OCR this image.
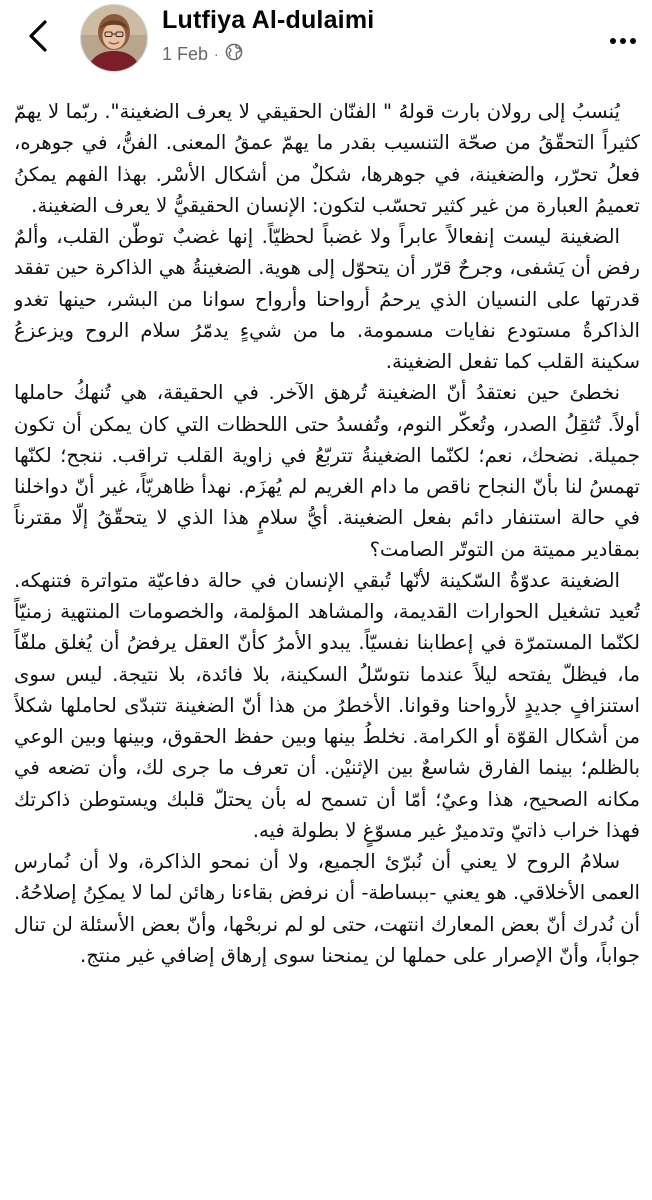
Lutfiya Al-dulaimi
1 Feb ·

يُنسبُ إلى رولان بارت قولهُ " الفنّان الحقيقي لا يعرف الضغينة". ربّما لا يهمّ كثيراً التحقّقُ من صحّة التنسيب بقدر ما يهمّ عمقُ المعنى. الفنُّ، في جوهره، فعلُ تحرّر، والضغينة، في جوهرها، شكلٌ من أشكال الأسْر. بهذا الفهم يمكنُ تعميمُ العبارة من غير كثير تحسّب لتكون: الإنسان الحقيقيُّ لا يعرف الضغينة.

الضغينة ليست إنفعالاً عابراً ولا غضباً لحظيّاً. إنها غضبٌ توطّن القلب، وألمٌ رفض أن يَشفى، وجرحٌ قرّر أن يتحوّل إلى هوية. الضغينةُ هي الذاكرة حين تفقد قدرتها على النسيان الذي يرحمُ أرواحنا وأرواح سوانا من البشر، حينها تغدو الذاكرةُ مستودع نفايات مسمومة. ما من شيءٍ يدمّرُ سلام الروح ويزعزعُ سكينة القلب كما تفعل الضغينة.

نخطئ حين نعتقدُ أنّ الضغينة تُرهق الآخر. في الحقيقة، هي تُنهكُ حاملها أولاً. تُثقِلُ الصدر، وتُعكّر النوم، وتُفسدُ حتى اللحظات التي كان يمكن أن تكون جميلة. نضحك، نعم؛ لكنّما الضغينةُ تتربّعُ في زاوية القلب تراقب. ننجح؛ لكنّها تهمسُ لنا بأنّ النجاح ناقص ما دام الغريم لم يُهزَم. نهدأ ظاهريّاً، غير أنّ دواخلنا في حالة استنفار دائم بفعل الضغينة. أيُّ سلامٍ هذا الذي لا يتحقّقُ إلّا مقترناً بمقادير مميتة من التوتّر الصامت؟

الضغينة عدوّةُ السّكينة لأنّها تُبقي الإنسان في حالة دفاعيّة متواترة فتنهكه. تُعيد تشغيل الحوارات القديمة، والمشاهد المؤلمة، والخصومات المنتهية زمنيّاً لكنّما المستمرّة في إعطابنا نفسيّاً. يبدو الأمرُ كأنّ العقل يرفضُ أن يُغلق ملفّاً ما، فيظلّ يفتحه ليلاً عندما نتوسّلُ السكينة، بلا فائدة، بلا نتيجة. ليس سوى استنزافٍ جديدٍ لأرواحنا وقوانا. الأخطرُ من هذا أنّ الضغينة تتبدّى لحاملها شكلاً من أشكال القوّة أو الكرامة. نخلطُ بينها وبين حفظ الحقوق، وبينها وبين الوعي بالظلم؛ بينما الفارق شاسعٌ بين الإثنيْن. أن تعرف ما جرى لك، وأن تضعه في مكانه الصحيح، هذا وعيٌ؛ أمّا أن تسمح له بأن يحتلّ قلبك ويستوطن ذاكرتك فهذا خراب ذاتيّ وتدميرٌ غير مسوّغٍ لا بطولة فيه.

سلامُ الروح لا يعني أن نُبرّئ الجميع، ولا أن نمحو الذاكرة، ولا أن نُمارس العمى الأخلاقي. هو يعني -ببساطة- أن نرفض بقاءنا رهائن لما لا يمكِنُ إصلاحُهُ. أن نُدرك أنّ بعض المعارك انتهت، حتى لو لم نربحْها، وأنّ بعض الأسئلة لن تنال جواباً، وأنّ الإصرار على حملها لن يمنحنا سوى إرهاق إضافي غير منتج.
